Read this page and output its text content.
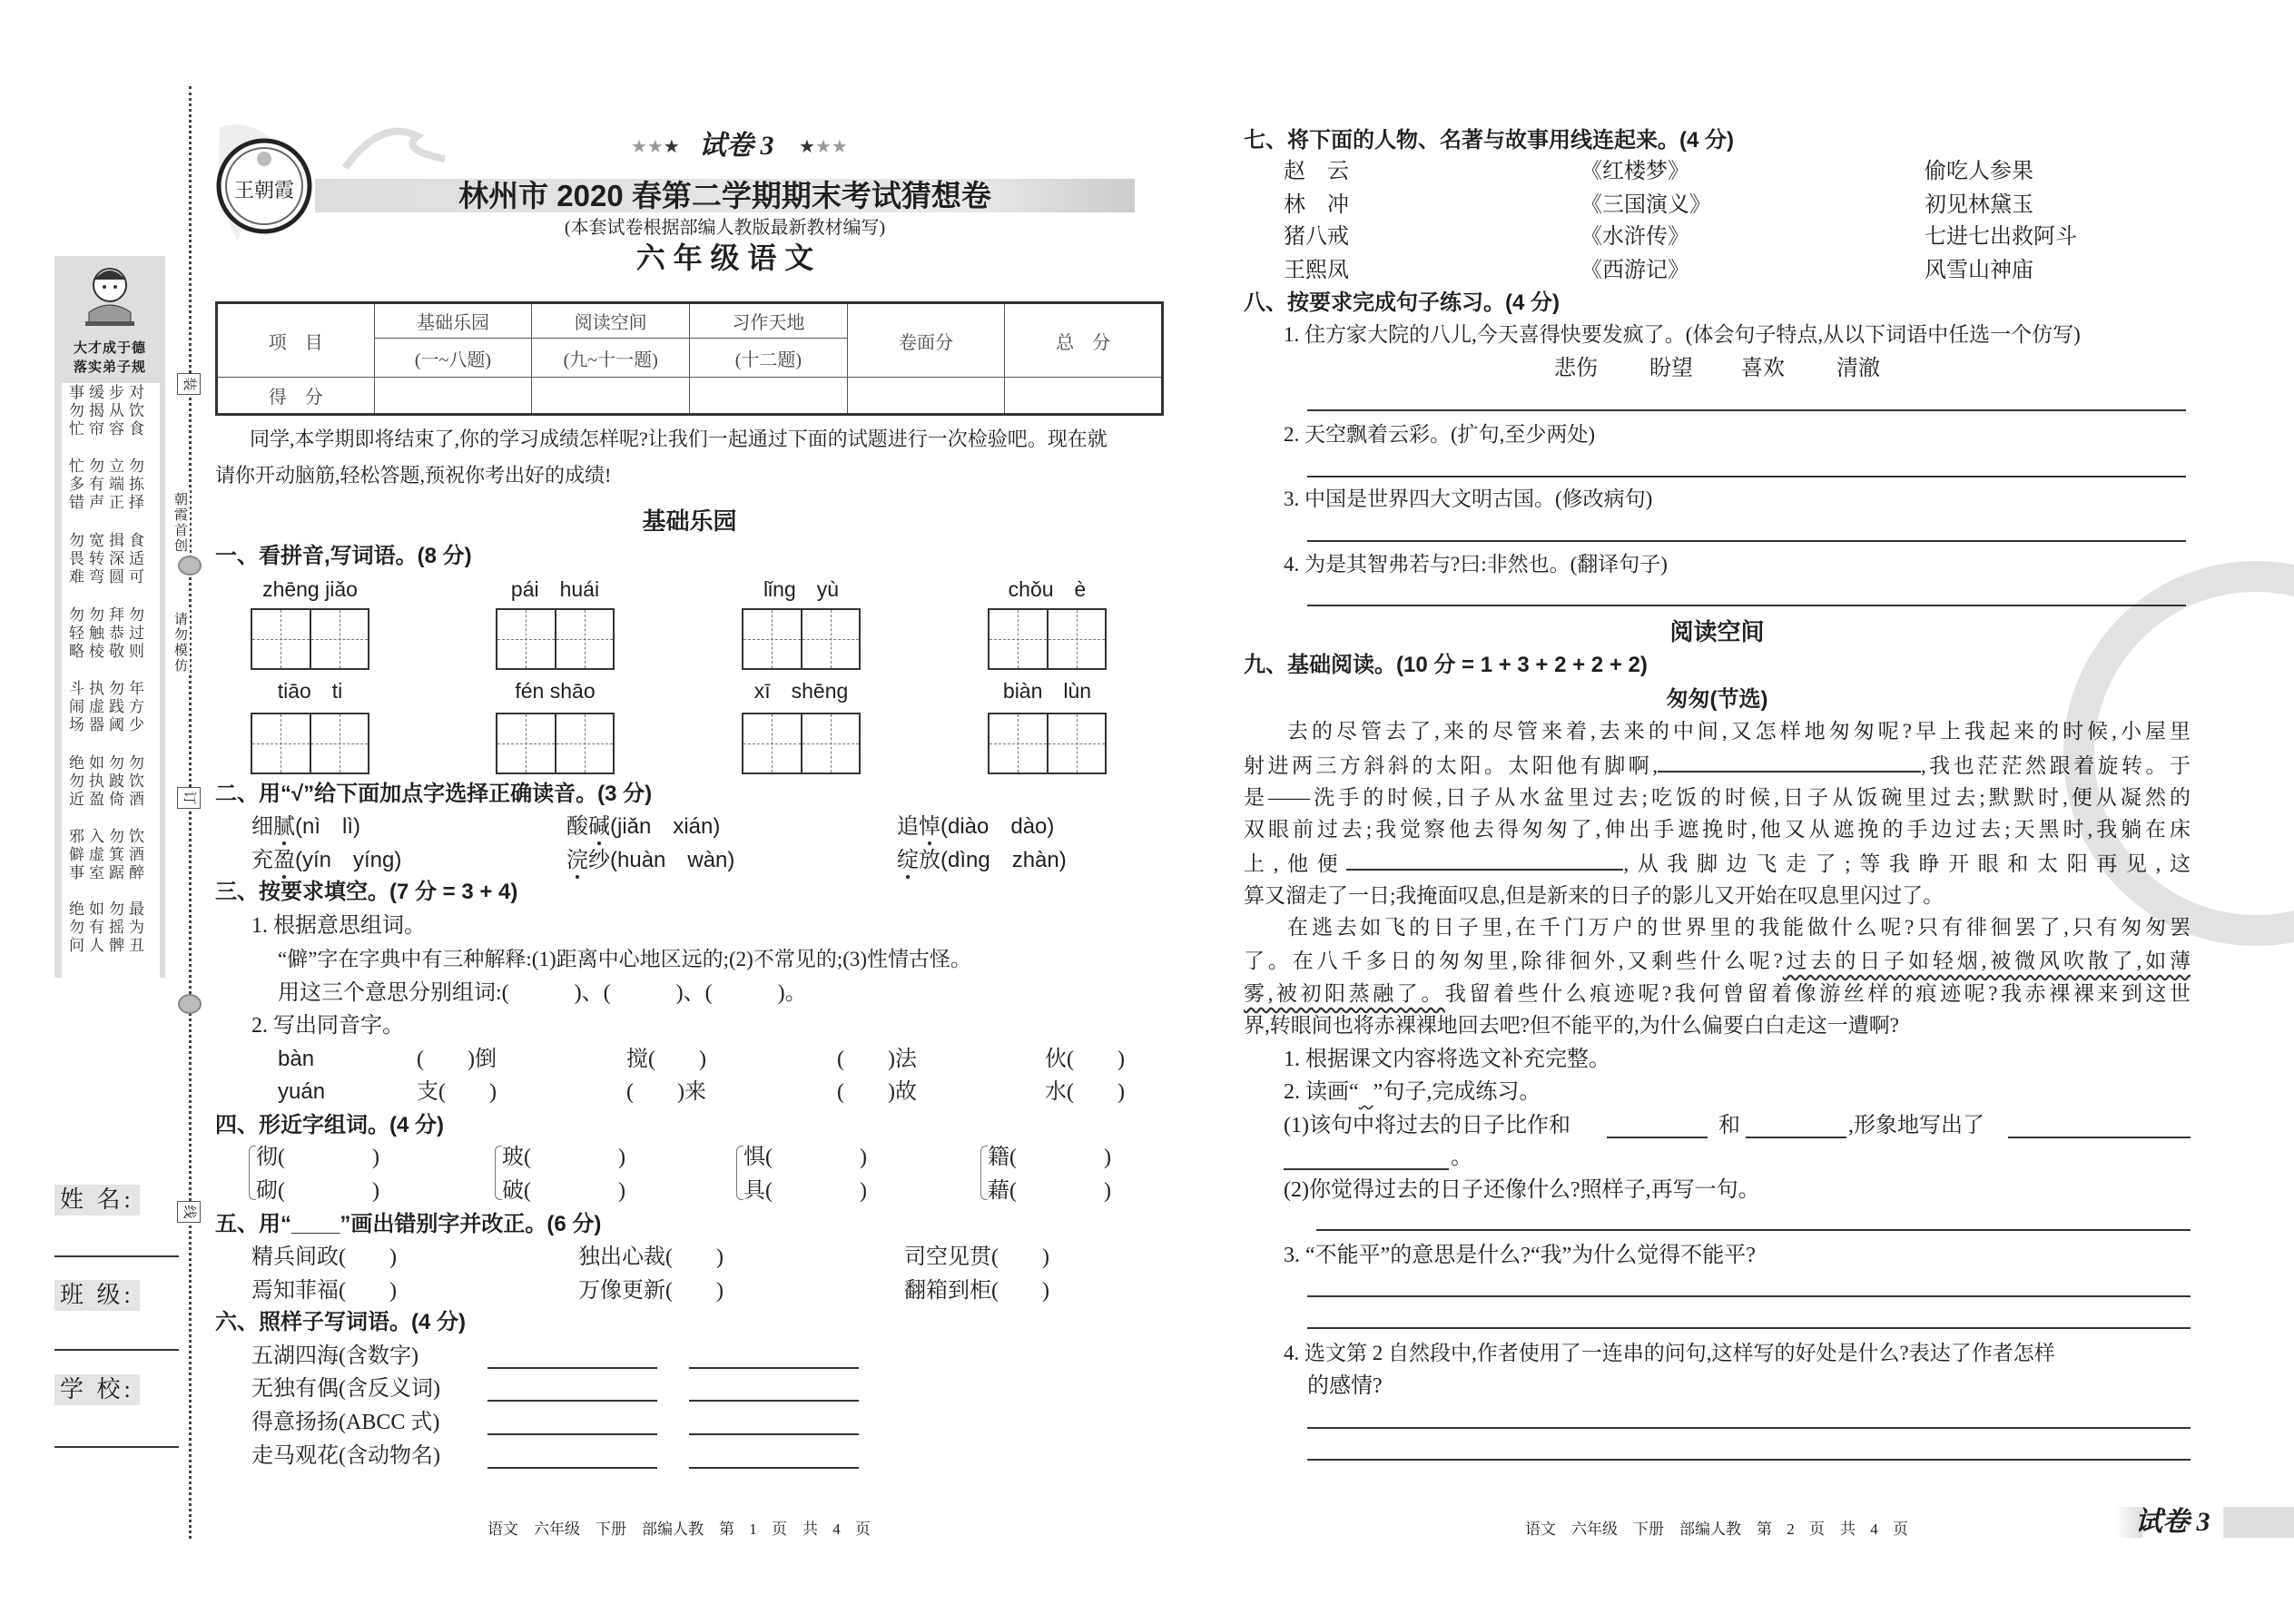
装
订
线
朝霞首创
请勿模仿
大才成于德
落实弟子规
事缓步对
勿揭从饮
忙帘容食
忙勿立勿
多有端拣
错声正择
勿宽揖食
畏转深适
难弯圆可
勿勿拜勿
轻触恭过
略棱敬则
斗执勿年
闹虚践方
场器阈少
绝如勿勿
勿执跛饮
近盈倚酒
邪入勿饮
僻虚箕酒
事室踞醉
绝如勿最
勿有摇为
问人髀丑
姓 名:
班 级:
学 校:
王朝霞
★★★ 试卷 3 ★★★
林州市 2020 春第二学期期末考试猜想卷
(本套试卷根据部编人教版最新教材编写)
六 年 级 语 文
项　目	基础乐园	阅读空间	习作天地	卷面分	总　分
	(一~八题)	(九~十一题)	(十二题)		
得　分					
同学,本学期即将结束了,你的学习成绩怎样呢?让我们一起通过下面的试题进行一次检验吧。现在就
请你开动脑筋,轻松答题,预祝你考出好的成绩!
基础乐园
一、看拼音,写词语。(8 分)
zhēng jiǎo	pái　huái	lǐng　yù	chǒu　è
tiāo　ti	fén shāo	xī　shēng	biàn　lùn
二、用“√”给下面加点字选择正确读音。(3 分)
细腻(nì　lì)	酸碱(jiǎn　xián)	追悼(diào　dào)
充盈(yín　yíng)	浣纱(huàn　wàn)	绽放(dìng　zhàn)
三、按要求填空。(7 分 = 3 + 4)
1. 根据意思组词。
“僻”字在字典中有三种解释:(1)距离中心地区远的;(2)不常见的;(3)性情古怪。
用这三个意思分别组词:(　　　)、(　　　)、(　　　)。
2. 写出同音字。
bàn	(　　)倒	搅(　　)	(　　)法	伙(　　)
yuán	支(　　)	(　　)来	(　　)故	水(　　)
四、形近字组词。(4 分)
彻(　　　　)
砌(　　　　)
玻(　　　　)
破(　　　　)
惧(　　　　)
具(　　　　)
籍(　　　　)
藉(　　　　)
五、用“____”画出错别字并改正。(6 分)
精兵间政(　　)	独出心裁(　　)	司空见贯(　　)
焉知菲福(　　)	万像更新(　　)	翻箱到柜(　　)
六、照样子写词语。(4 分)
五湖四海(含数字)
无独有偶(含反义词)
得意扬扬(ABCC 式)
走马观花(含动物名)
语文　六年级　下册　部编人教　第 1 页　共 4 页
七、将下面的人物、名著与故事用线连起来。(4 分)
赵　云	《红楼梦》	偷吃人参果
林　冲	《三国演义》	初见林黛玉
猪八戒	《水浒传》	七进七出救阿斗
王熙凤	《西游记》	风雪山神庙
八、按要求完成句子练习。(4 分)
1. 住方家大院的八儿,今天喜得快要发疯了。(体会句子特点,从以下词语中任选一个仿写)
2. 天空飘着云彩。(扩句,至少两处)
3. 中国是世界四大文明古国。(修改病句)
4. 为是其智弗若与?曰:非然也。(翻译句子)
悲伤 盼望 喜欢 清澈
九、基础阅读。(10 分 = 1 + 3 + 2 + 2 + 2)
匆匆(节选)
1. 根据课文内容将选文补充完整。
2. 读画“　​”句子,完成练习。
(1)该句中将过去的日子比作和	和	,形象地写出了
。
(2)你觉得过去的日子还像什么?照样子,再写一句。
3. “不能平”的意思是什么?“我”为什么觉得不能平?
4. 选文第 2 自然段中,作者使用了一连串的问句,这样写的好处是什么?表达了作者怎样
的感情?
阅读空间
去的尽管去了,来的尽管来着,去来的中间,又怎样地匆匆呢?早上我起来的时候,小屋里
射进两三方斜斜的太阳。太阳他有脚啊,	,我也茫茫然跟着旋转。于
是——洗手的时候,日子从水盆里过去;吃饭的时候,日子从饭碗里过去;默默时,便从凝然的
双眼前过去;我觉察他去得匆匆了,伸出手遮挽时,他又从遮挽的手边过去;天黑时,我躺在床
上,他便	,从我脚边飞走了;等我睁开眼和太阳再见,这
算又溜走了一日;我掩面叹息,但是新来的日子的影儿又开始在叹息里闪过了。
在逃去如飞的日子里,在千门万户的世界里的我能做什么呢?只有徘徊罢了,只有匆匆罢
了。在八千多日的匆匆里,除徘徊外,又剩些什么呢?过去的日子如轻烟,被微风吹散了,如薄
雾,被初阳蒸融了。我留着些什么痕迹呢?我何曾留着像游丝样的痕迹呢?我赤裸裸来到这世
界,转眼间也将赤裸裸地回去吧?但不能平的,为什么偏要白白走这一遭啊?
语文　六年级　下册　部编人教　第 2 页　共 4 页	试卷 3
